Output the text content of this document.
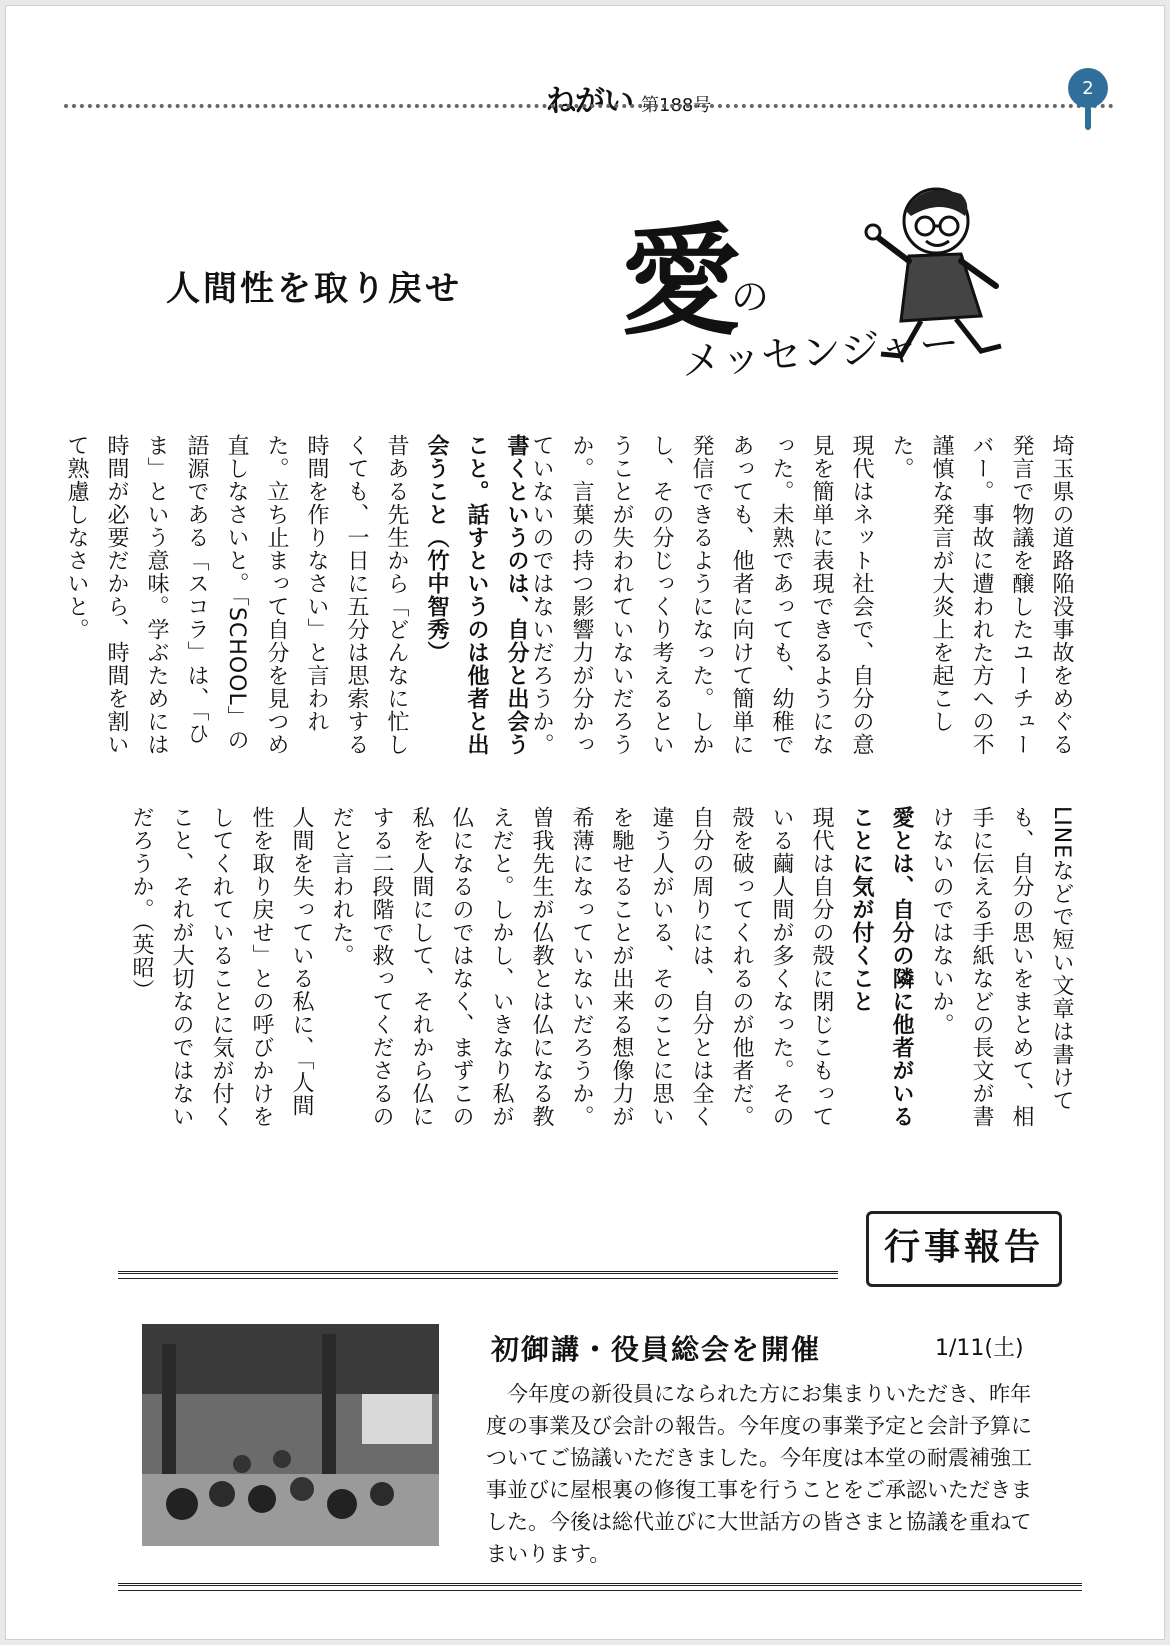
ねがい 第188号
2
人間性を取り戻せ 愛
の
メッセンジャー

埼玉県の道路陥没事故をめぐる発言で物議を醸したユーチューバー。事故に遭われた方への不謹慎な発言が大炎上を起こした。

現代はネット社会で、自分の意見を簡単に表現できるようになった。未熟であっても、幼稚であっても、他者に向けて簡単に発信できるようになった。しかし、その分じっくり考えるということが失われていないだろうか。言葉の持つ影響力が分かっていないのではないだろうか。

書くというのは、自分と出会うこと。話すというのは他者と出会うこと（竹中智秀）

昔ある先生から「どんなに忙しくても、一日に五分は思索する時間を作りなさい」と言われた。立ち止まって自分を見つめ直しなさいと。「SCHOOL」の語源である「スコラ」は、「ひま」という意味。学ぶためには時間が必要だから、時間を割いて熟慮しなさいと。

LINEなどで短い文章は書けても、自分の思いをまとめて、相手に伝える手紙などの長文が書けないのではないか。

愛とは、自分の隣に他者がいることに気が付くこと

現代は自分の殻に閉じこもっている繭人間が多くなった。その殻を破ってくれるのが他者だ。自分の周りには、自分とは全く違う人がいる、そのことに思いを馳せることが出来る想像力が希薄になっていないだろうか。

曽我先生が仏教とは仏になる教えだと。しかし、いきなり私が仏になるのではなく、まずこの私を人間にして、それから仏にする二段階で救ってくださるのだと言われた。

人間を失っている私に、「人間性を取り戻せ」との呼びかけをしてくれていることに気が付くこと、それが大切なのではないだろうか。（英昭）

行事報告
初御講・役員総会を開催	1/11(土)

今年度の新役員になられた方にお集まりいただき、昨年度の事業及び会計の報告。今年度の事業予定と会計予算についてご協議いただきました。今年度は本堂の耐震補強工事並びに屋根裏の修復工事を行うことをご承認いただきました。今後は総代並びに大世話方の皆さまと協議を重ねてまいります。
